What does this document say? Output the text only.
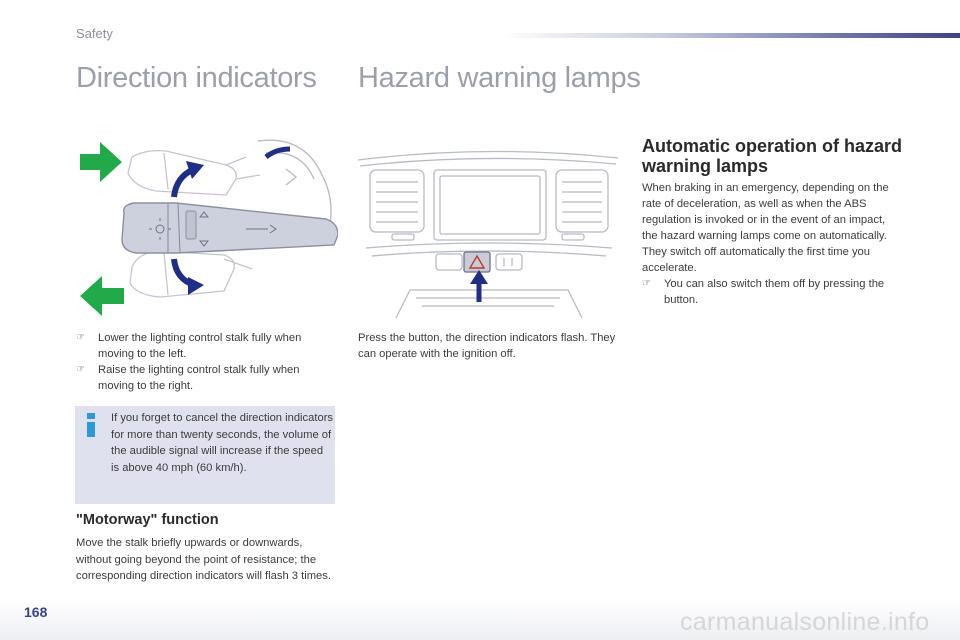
Safety
Direction indicators Hazard warning lamps
☞ Lower the lighting control stalk fully when moving to the left.
☞ Raise the lighting control stalk fully when moving to the right.
If you forget to cancel the direction indicators for more than twenty seconds, the volume of the audible signal will increase if the speed is above 40 mph (60 km/h).
"Motorway" function
Move the stalk briefly upwards or downwards, without going beyond the point of resistance; the corresponding direction indicators will flash 3 times.
Press the button, the direction indicators flash. They can operate with the ignition off.
Automatic operation of hazard warning lamps
When braking in an emergency, depending on the rate of deceleration, as well as when the ABS regulation is invoked or in the event of an impact, the hazard warning lamps come on automatically.
They switch off automatically the first time you accelerate.
☞ You can also switch them off by pressing the button.
168	carmanualsonline.info
